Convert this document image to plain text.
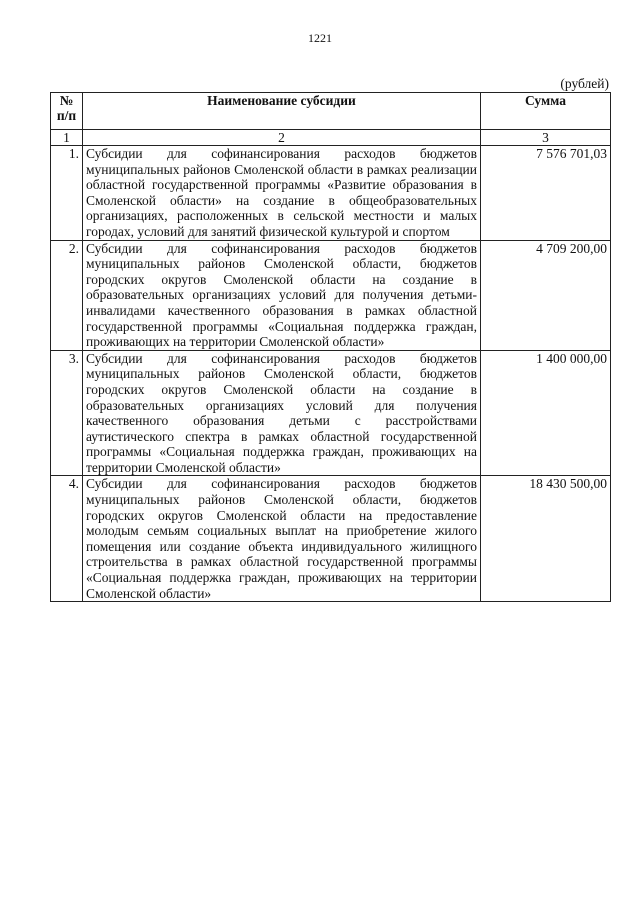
1221
(рублей)
№ п/п	Наименование субсидии	Сумма
1	2	3
1.	Субсидии для софинансирования расходов бюджетов муниципальных районов Смоленской области в рамках реализации областной государственной программы «Развитие образования в Смоленской области» на создание в общеобразовательных организациях, расположенных в сельской местности и малых городах, условий для занятий физической культурой и спортом	7 576 701,03
2.	Субсидии для софинансирования расходов бюджетов муниципальных районов Смоленской области, бюджетов городских округов Смоленской области на создание в образовательных организациях условий для получения детьми-инвалидами качественного образования в рамках областной государственной программы «Социальная поддержка граждан, проживающих на территории Смоленской области»	4 709 200,00
3.	Субсидии для софинансирования расходов бюджетов муниципальных районов Смоленской области, бюджетов городских округов Смоленской области на создание в образовательных организациях условий для получения качественного образования детьми с расстройствами аутистического спектра в рамках областной государственной программы «Социальная поддержка граждан, проживающих на территории Смоленской области»	1 400 000,00
4.	Субсидии для софинансирования расходов бюджетов муниципальных районов Смоленской области, бюджетов городских округов Смоленской области на предоставление молодым семьям социальных выплат на приобретение жилого помещения или создание объекта индивидуального жилищного строительства в рамках областной государственной программы «Социальная поддержка граждан, проживающих на территории Смоленской области»	18 430 500,00
